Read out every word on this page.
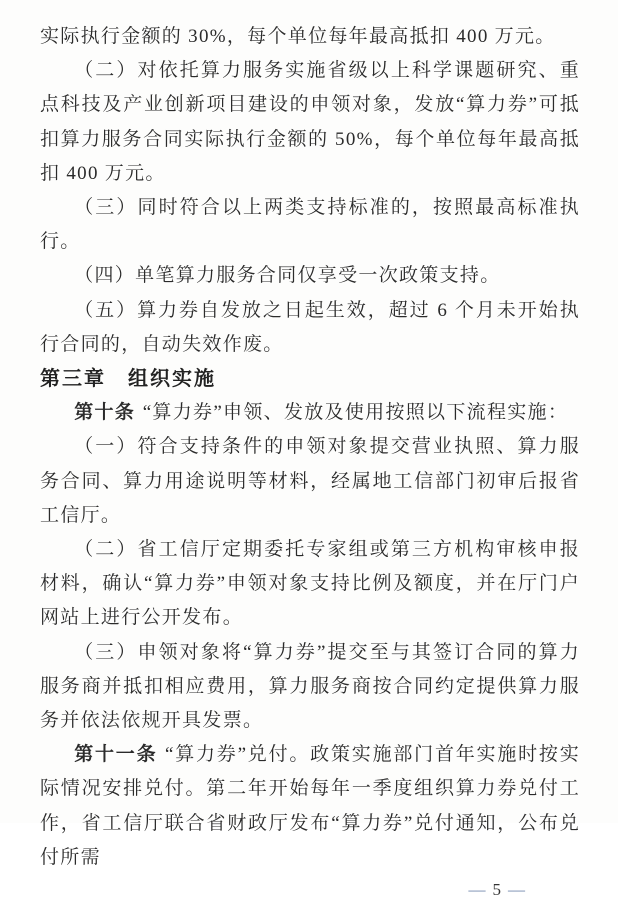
实际执行金额的 30%，每个单位每年最高抵扣 400 万元。

（二）对依托算力服务实施省级以上科学课题研究、重点科技及产业创新项目建设的申领对象，发放“算力券”可抵扣算力服务合同实际执行金额的 50%，每个单位每年最高抵扣 400 万元。

（三）同时符合以上两类支持标准的，按照最高标准执行。

（四）单笔算力服务合同仅享受一次政策支持。

（五）算力券自发放之日起生效，超过 6 个月未开始执行合同的，自动失效作废。

第三章　组织实施

第十条 “算力券”申领、发放及使用按照以下流程实施：

（一）符合支持条件的申领对象提交营业执照、算力服务合同、算力用途说明等材料，经属地工信部门初审后报省工信厅。

（二）省工信厅定期委托专家组或第三方机构审核申报材料，确认“算力券”申领对象支持比例及额度，并在厅门户网站上进行公开发布。

（三）申领对象将“算力券”提交至与其签订合同的算力服务商并抵扣相应费用，算力服务商按合同约定提供算力服务并依法依规开具发票。

第十一条 “算力券”兑付。政策实施部门首年实施时按实际情况安排兑付。第二年开始每年一季度组织算力券兑付工作，省工信厅联合省财政厅发布“算力券”兑付通知，公布兑付所需

— 5 —
